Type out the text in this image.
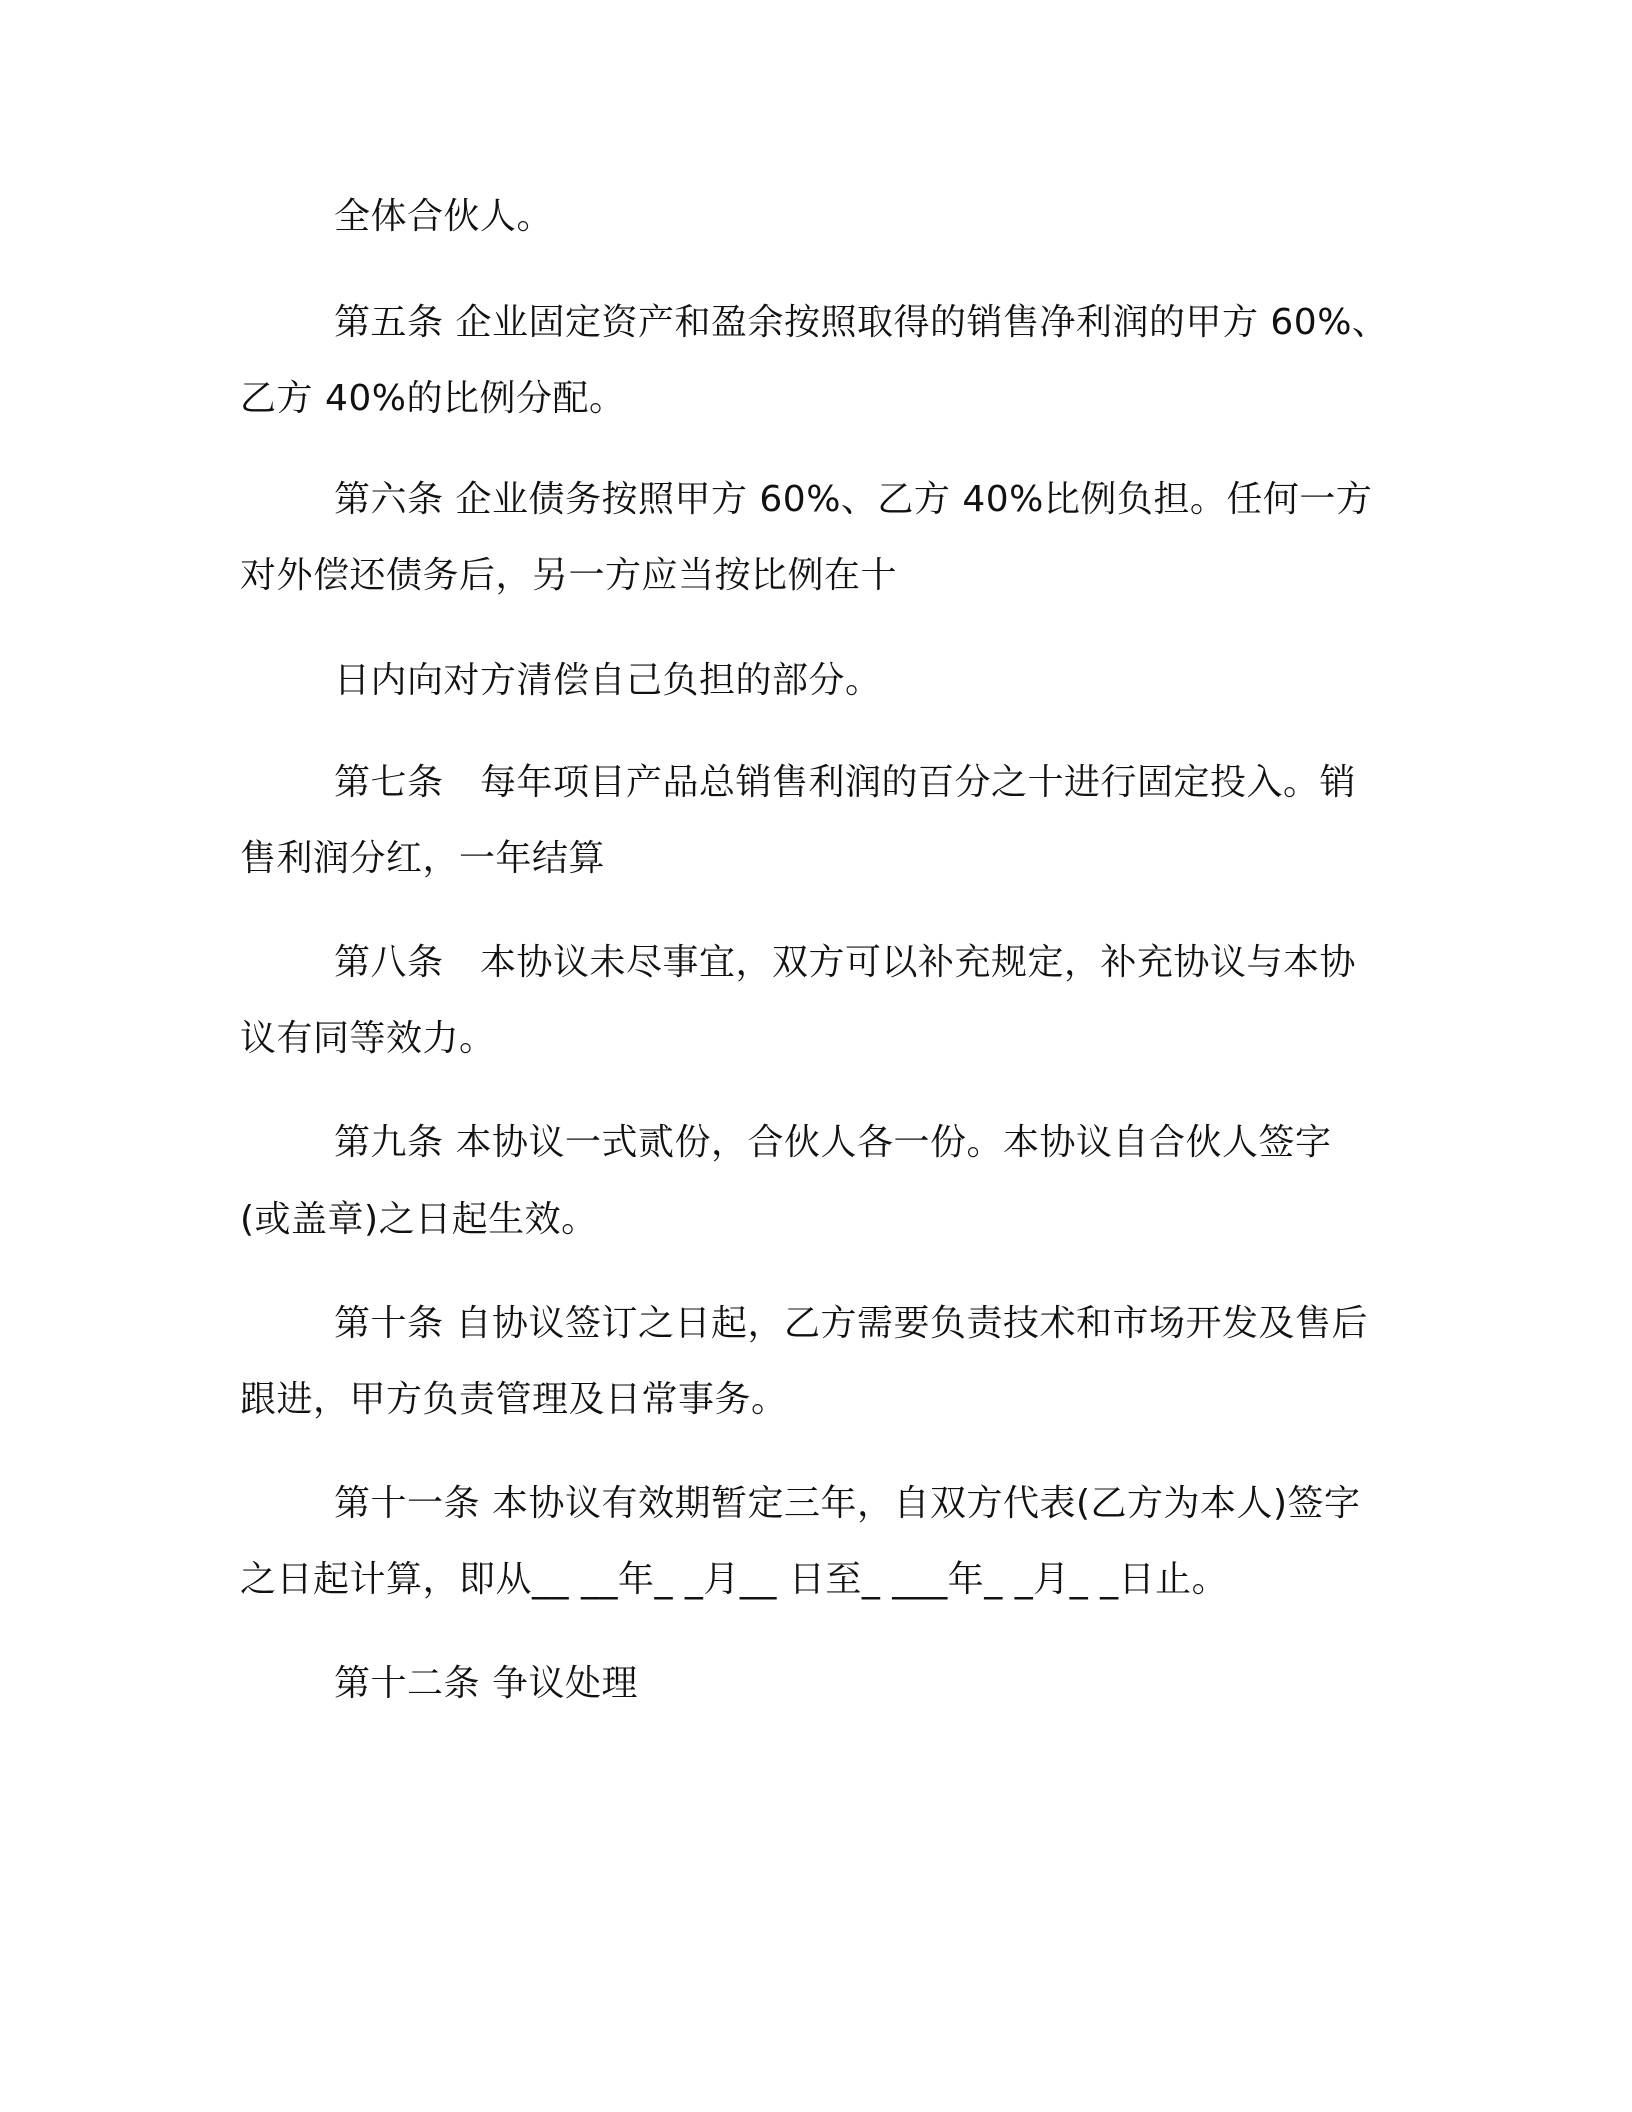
全体合伙人。
第五条 企业固定资产和盈余按照取得的销售净利润的甲方 60%、
乙方 40%的比例分配。
第六条 企业债务按照甲方 60%、乙方 40%比例负担。任何一方
对外偿还债务后，另一方应当按比例在十
日内向对方清偿自己负担的部分。
第七条　每年项目产品总销售利润的百分之十进行固定投入。销
售利润分红，一年结算
第八条　本协议未尽事宜，双方可以补充规定，补充协议与本协
议有同等效力。
第九条 本协议一式贰份，合伙人各一份。本协议自合伙人签字
(或盖章)之日起生效。
第十条 自协议签订之日起，乙方需要负责技术和市场开发及售后
跟进，甲方负责管理及日常事务。
第十一条 本协议有效期暂定三年，自双方代表(乙方为本人)签字
之日起计算，即从__ __年_ _月__ 日至_ ___年_ _月_ _日止。
第十二条 争议处理
